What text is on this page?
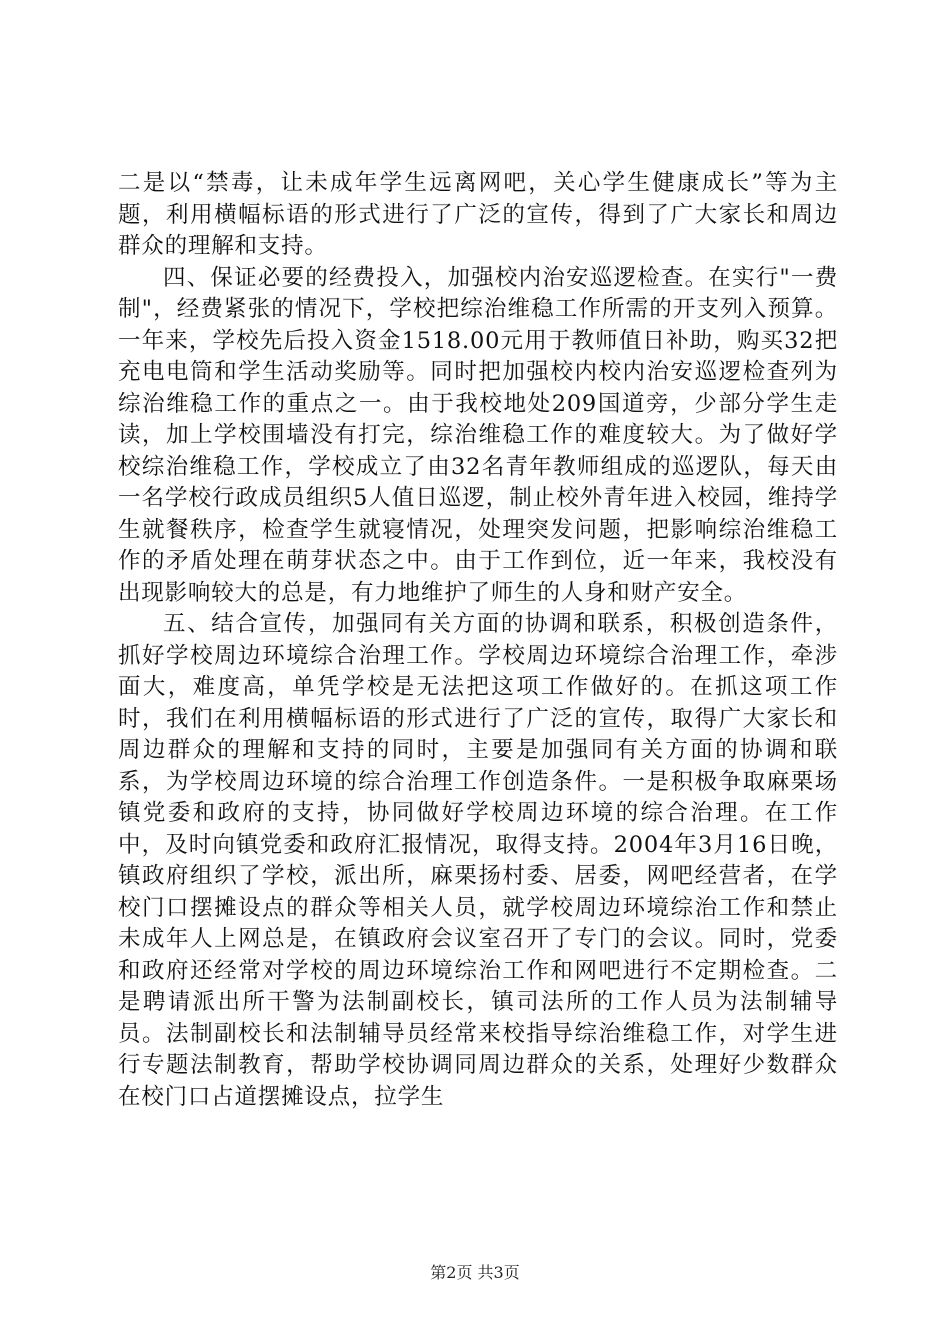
二是以“禁毒，让未成年学生远离网吧，关心学生健康成长”等为主题，利用横幅标语的形式进行了广泛的宣传，得到了广大家长和周边群众的理解和支持。

四、保证必要的经费投入，加强校内治安巡逻检查。在实行"一费制"，经费紧张的情况下，学校把综治维稳工作所需的开支列入预算。一年来，学校先后投入资金1518.00元用于教师值日补助，购买32把充电电筒和学生活动奖励等。同时把加强校内校内治安巡逻检查列为综治维稳工作的重点之一。由于我校地处209国道旁，少部分学生走读，加上学校围墙没有打完，综治维稳工作的难度较大。为了做好学校综治维稳工作，学校成立了由32名青年教师组成的巡逻队，每天由一名学校行政成员组织5人值日巡逻，制止校外青年进入校园，维持学生就餐秩序，检查学生就寝情况，处理突发问题，把影响综治维稳工作的矛盾处理在萌芽状态之中。由于工作到位，近一年来，我校没有出现影响较大的总是，有力地维护了师生的人身和财产安全。

五、结合宣传，加强同有关方面的协调和联系，积极创造条件，抓好学校周边环境综合治理工作。学校周边环境综合治理工作，牵涉面大，难度高，单凭学校是无法把这项工作做好的。在抓这项工作时，我们在利用横幅标语的形式进行了广泛的宣传，取得广大家长和周边群众的理解和支持的同时，主要是加强同有关方面的协调和联系，为学校周边环境的综合治理工作创造条件。一是积极争取麻栗场镇党委和政府的支持，协同做好学校周边环境的综合治理。在工作中，及时向镇党委和政府汇报情况，取得支持。2004年3月16日晚，镇政府组织了学校，派出所，麻栗扬村委、居委，网吧经营者，在学校门口摆摊设点的群众等相关人员，就学校周边环境综治工作和禁止未成年人上网总是，在镇政府会议室召开了专门的会议。同时，党委和政府还经常对学校的周边环境综治工作和网吧进行不定期检查。二是聘请派出所干警为法制副校长，镇司法所的工作人员为法制辅导员。法制副校长和法制辅导员经常来校指导综治维稳工作，对学生进行专题法制教育，帮助学校协调同周边群众的关系，处理好少数群众在校门口占道摆摊设点，拉学生

第2页 共3页
